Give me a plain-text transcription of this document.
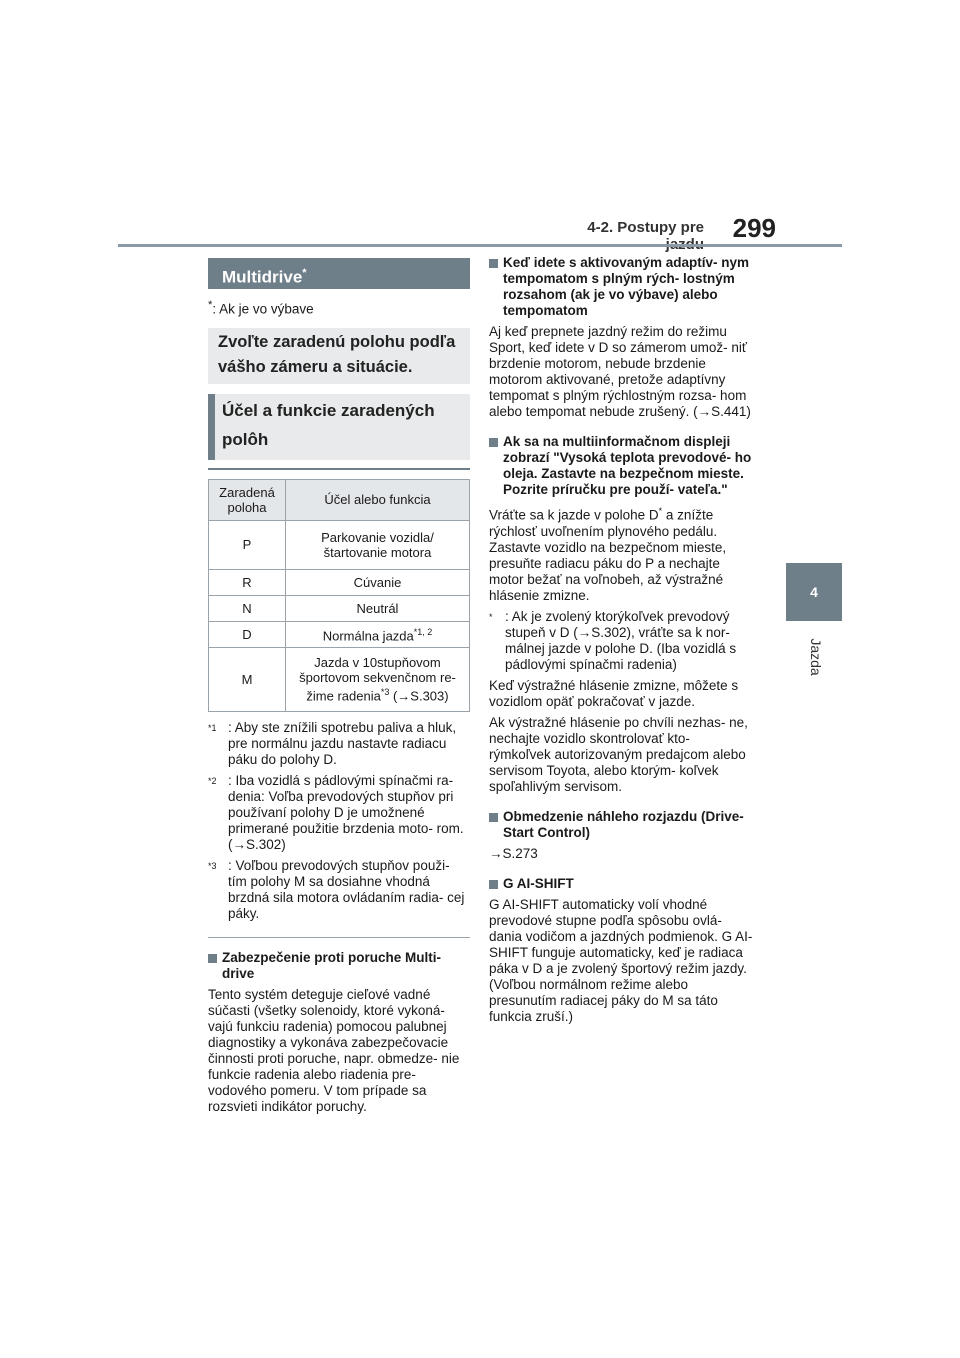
4-2. Postupy pre	299
4
Jazda
Multidrive*
*: Ak je vo výbave
Zvoľte zaradenú polohu podľa vášho zámeru a situácie.
Účel a funkcie zaradených polôh
Zaradená poloha	Účel alebo funkcia
P	Parkovanie vozidla/ štartovanie motora
R	Cúvanie
N	Neutrál
D	Normálna jazda$^{*1, 2}$
M	Jazda v 10stupňovom športovom sekvenčnom re- žime radenia$^{*3}$ (→S.303)
$^{*1}$ : Aby ste znížili spotrebu paliva a hluk, pre normálnu jazdu nastavte radiacu páku do polohy D.
$^{*2}$ : Iba vozidlá s pádlovými spínačmi ra- denia: Voľba prevodových stupňov pri používaní polohy D je umožnené primerané použitie brzdenia moto- rom. (→S.302)
$^{*3}$ : Voľbou prevodových stupňov použi- tím polohy M sa dosiahne vhodná brzdná sila motora ovládaním radia- cej páky.
Zabezpečenie proti poruche Multi- drive

Tento systém deteguje cieľové vadné súčasti (všetky solenoidy, ktoré vykoná- vajú funkciu radenia) pomocou palubnej diagnostiky a vykonáva zabezpečovacie činnosti proti poruche, napr. obmedze- nie funkcie radenia alebo riadenia pre- vodového pomeru. V tom prípade sa rozsvieti indikátor poruchy.

Keď idete s aktivovaným adaptív- nym tempomatom s plným rých- lostným rozsahom (ak je vo výbave) alebo tempomatom

Aj keď prepnete jazdný režim do režimu Sport, keď idete v D so zámerom umož- niť brzdenie motorom, nebude brzdenie motorom aktivované, pretože adaptívny tempomat s plným rýchlostným rozsa- hom alebo tempomat nebude zrušený. (→S.441)

Ak sa na multiinformačnom displeji zobrazí "Vysoká teplota prevodové- ho oleja. Zastavte na bezpečnom mieste. Pozrite príručku pre použí- vateľa."

Vráťte sa k jazde v polohe D* a znížte rýchlosť uvoľnením plynového pedálu. Zastavte vozidlo na bezpečnom mieste, presuňte radiacu páku do P a nechajte motor bežať na voľnobeh, až výstražné hlásenie zmizne.

* : Ak je zvolený ktorýkoľvek prevodový stupeň v D (→S.302), vráťte sa k nor- málnej jazde v polohe D. (Iba vozidlá s pádlovými spínačmi radenia)

Keď výstražné hlásenie zmizne, môžete s vozidlom opäť pokračovať v jazde.

Ak výstražné hlásenie po chvíli nezhas- ne, nechajte vozidlo skontrolovať kto- rýmkoľvek autorizovaným predajcom alebo servisom Toyota, alebo ktorým- koľvek spoľahlivým servisom.

Obmedzenie náhleho rozjazdu (Drive-Start Control)

→S.273

G AI-SHIFT

G AI-SHIFT automaticky volí vhodné prevodové stupne podľa spôsobu ovlá- dania vodičom a jazdných podmienok. G AI-SHIFT funguje automaticky, keď je radiaca páka v D a je zvolený športový režim jazdy. (Voľbou normálnom režime alebo presunutím radiacej páky do M sa táto funkcia zruší.)
